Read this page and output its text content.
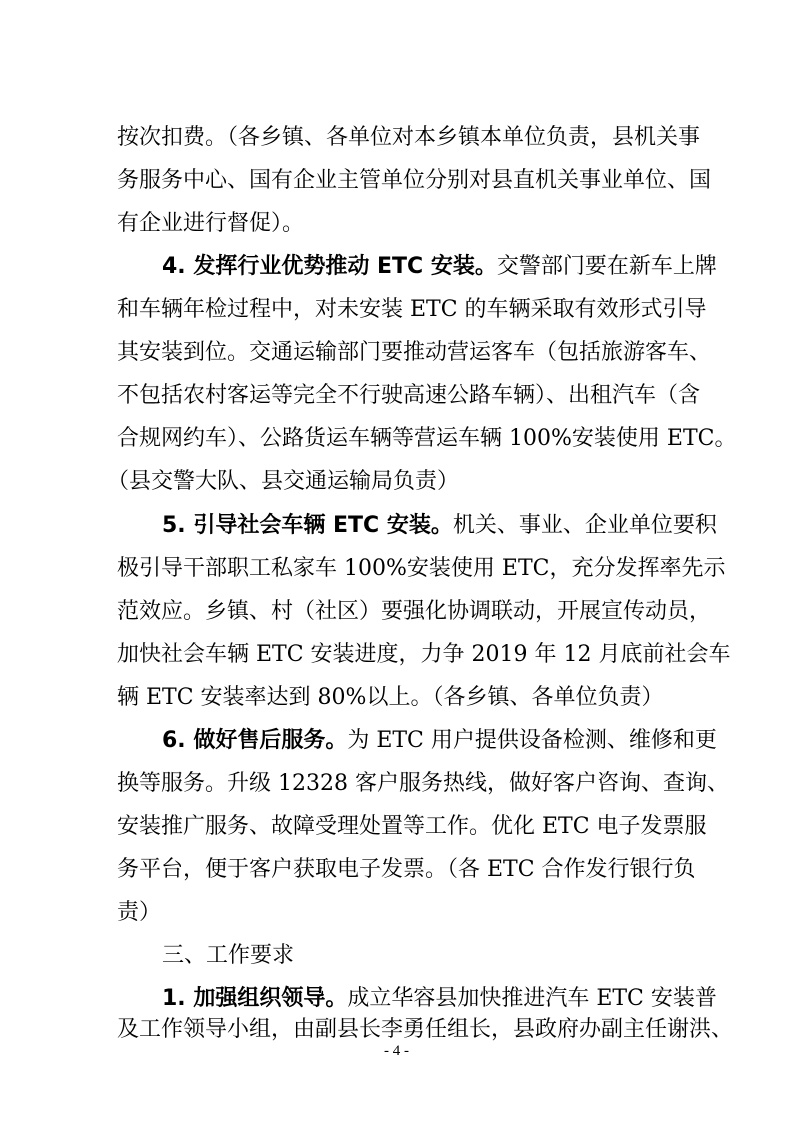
按次扣费。（各乡镇、各单位对本乡镇本单位负责，县机关事
务服务中心、国有企业主管单位分别对县直机关事业单位、国
有企业进行督促）。
4. 发挥行业优势推动 ETC 安装。交警部门要在新车上牌
和车辆年检过程中，对未安装 ETC 的车辆采取有效形式引导
其安装到位。交通运输部门要推动营运客车（包括旅游客车、
不包括农村客运等完全不行驶高速公路车辆）、出租汽车（含
合规网约车）、公路货运车辆等营运车辆 100%安装使用 ETC。
（县交警大队、县交通运输局负责）
5. 引导社会车辆 ETC 安装。机关、事业、企业单位要积
极引导干部职工私家车 100%安装使用 ETC，充分发挥率先示
范效应。乡镇、村（社区）要强化协调联动，开展宣传动员，
加快社会车辆 ETC 安装进度，力争 2019 年 12 月底前社会车
辆 ETC 安装率达到 80%以上。（各乡镇、各单位负责）
6. 做好售后服务。为 ETC 用户提供设备检测、维修和更
换等服务。升级 12328 客户服务热线，做好客户咨询、查询、
安装推广服务、故障受理处置等工作。优化 ETC 电子发票服
务平台，便于客户获取电子发票。（各 ETC 合作发行银行负
责）
三、工作要求
1. 加强组织领导。成立华容县加快推进汽车 ETC 安装普
及工作领导小组，由副县长李勇任组长，县政府办副主任谢洪、
- 4 -
